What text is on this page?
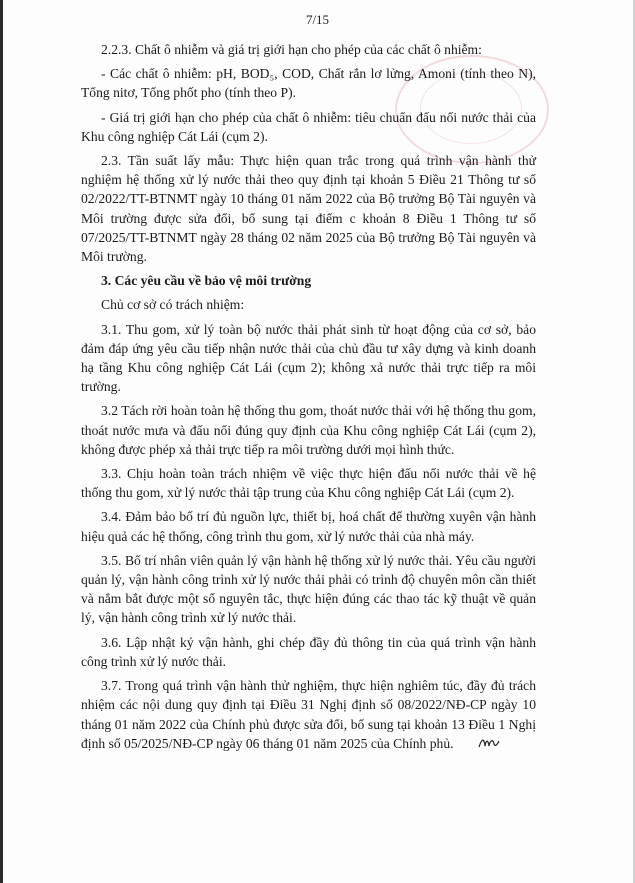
7/15

2.2.3. Chất ô nhiễm và giá trị giới hạn cho phép của các chất ô nhiễm:

- Các chất ô nhiễm: pH, BOD₅, COD, Chất rắn lơ lửng, Amoni (tính theo N), Tổng nitơ, Tổng phốt pho (tính theo P).

- Giá trị giới hạn cho phép của chất ô nhiễm: tiêu chuẩn đấu nối nước thải của Khu công nghiệp Cát Lái (cụm 2).

2.3. Tần suất lấy mẫu: Thực hiện quan trắc trong quá trình vận hành thử nghiệm hệ thống xử lý nước thải theo quy định tại khoản 5 Điều 21 Thông tư số 02/2022/TT-BTNMT ngày 10 tháng 01 năm 2022 của Bộ trưởng Bộ Tài nguyên và Môi trường được sửa đổi, bổ sung tại điểm c khoản 8 Điều 1 Thông tư số 07/2025/TT-BTNMT ngày 28 tháng 02 năm 2025 của Bộ trưởng Bộ Tài nguyên và Môi trường.

3. Các yêu cầu về bảo vệ môi trường

Chủ cơ sở có trách nhiệm:

3.1. Thu gom, xử lý toàn bộ nước thải phát sinh từ hoạt động của cơ sở, bảo đảm đáp ứng yêu cầu tiếp nhận nước thải của chủ đầu tư xây dựng và kinh doanh hạ tầng Khu công nghiệp Cát Lái (cụm 2); không xả nước thải trực tiếp ra môi trường.

3.2 Tách rời hoàn toàn hệ thống thu gom, thoát nước thải với hệ thống thu gom, thoát nước mưa và đấu nối đúng quy định của Khu công nghiệp Cát Lái (cụm 2), không được phép xả thải trực tiếp ra môi trường dưới mọi hình thức.

3.3. Chịu hoàn toàn trách nhiệm về việc thực hiện đấu nối nước thải về hệ thống thu gom, xử lý nước thải tập trung của Khu công nghiệp Cát Lái (cụm 2).

3.4. Đảm bảo bố trí đủ nguồn lực, thiết bị, hoá chất để thường xuyên vận hành hiệu quả các hệ thống, công trình thu gom, xử lý nước thải của nhà máy.

3.5. Bố trí nhân viên quản lý vận hành hệ thống xử lý nước thải. Yêu cầu người quản lý, vận hành công trình xử lý nước thải phải có trình độ chuyên môn cần thiết và nắm bắt được một số nguyên tắc, thực hiện đúng các thao tác kỹ thuật về quản lý, vận hành công trình xử lý nước thải.

3.6. Lập nhật ký vận hành, ghi chép đầy đủ thông tin của quá trình vận hành công trình xử lý nước thải.

3.7. Trong quá trình vận hành thử nghiệm, thực hiện nghiêm túc, đầy đủ trách nhiệm các nội dung quy định tại Điều 31 Nghị định số 08/2022/NĐ-CP ngày 10 tháng 01 năm 2022 của Chính phủ được sửa đổi, bổ sung tại khoản 13 Điều 1 Nghị định số 05/2025/NĐ-CP ngày 06 tháng 01 năm 2025 của Chính phủ.
